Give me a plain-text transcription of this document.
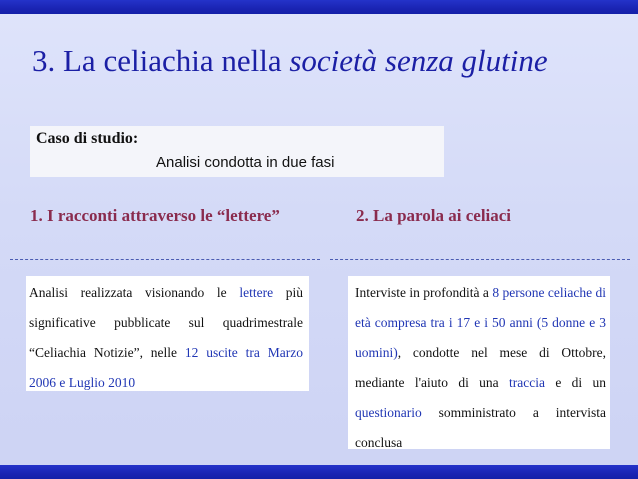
3. La celiachia nella società senza glutine
Caso di studio:
Analisi condotta in due fasi
1. I racconti attraverso le “lettere”	2. La parola ai celiaci
Analisi realizzata visionando le lettere più significative pubblicate sul quadrimestrale “Celiachia Notizie”, nelle 12 uscite tra Marzo 2006 e Luglio 2010
Interviste in profondità a 8 persone celiache di età compresa tra i 17 e i 50 anni (5 donne e 3 uomini), condotte nel mese di Ottobre, mediante l'aiuto di una traccia e di un questionario somministrato a intervista conclusa
